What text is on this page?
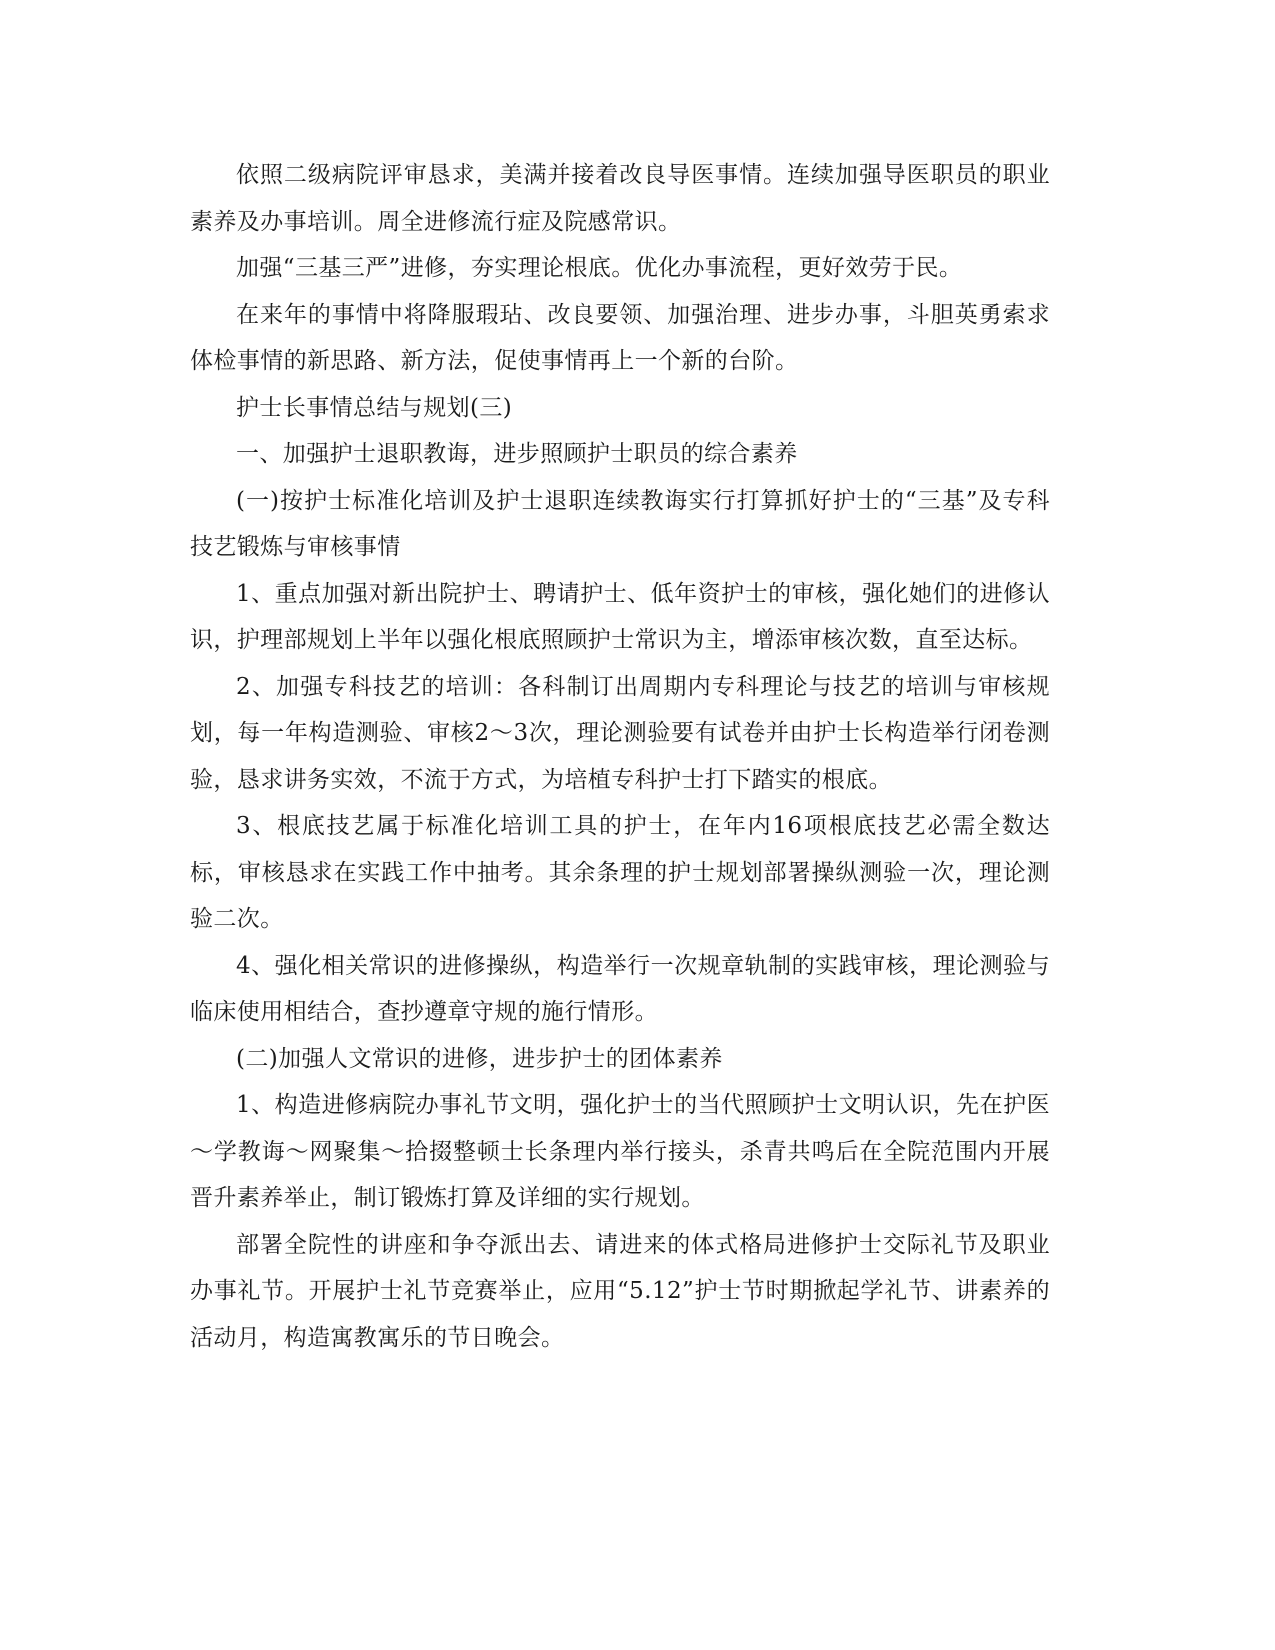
依照二级病院评审恳求，美满并接着改良导医事情。连续加强导医职员的职业素养及办事培训。周全进修流行症及院感常识。

加强“三基三严”进修，夯实理论根底。优化办事流程，更好效劳于民。

在来年的事情中将降服瑕玷、改良要领、加强治理、进步办事，斗胆英勇索求体检事情的新思路、新方法，促使事情再上一个新的台阶。

护士长事情总结与规划(三)

一、加强护士退职教诲，进步照顾护士职员的综合素养

(一)按护士标准化培训及护士退职连续教诲实行打算抓好护士的“三基”及专科技艺锻炼与审核事情

1、重点加强对新出院护士、聘请护士、低年资护士的审核，强化她们的进修认识，护理部规划上半年以强化根底照顾护士常识为主，增添审核次数，直至达标。

2、加强专科技艺的培训：各科制订出周期内专科理论与技艺的培训与审核规划，每一年构造测验、审核2～3次，理论测验要有试卷并由护士长构造举行闭卷测验，恳求讲务实效，不流于方式，为培植专科护士打下踏实的根底。

3、根底技艺属于标准化培训工具的护士，在年内16项根底技艺必需全数达标，审核恳求在实践工作中抽考。其余条理的护士规划部署操纵测验一次，理论测验二次。

4、强化相关常识的进修操纵，构造举行一次规章轨制的实践审核，理论测验与临床使用相结合，查抄遵章守规的施行情形。

(二)加强人文常识的进修，进步护士的团体素养

1、构造进修病院办事礼节文明，强化护士的当代照顾护士文明认识，先在护医～学教诲～网聚集～拾掇整顿士长条理内举行接头，杀青共鸣后在全院范围内开展晋升素养举止，制订锻炼打算及详细的实行规划。

部署全院性的讲座和争夺派出去、请进来的体式格局进修护士交际礼节及职业办事礼节。开展护士礼节竞赛举止，应用“5.12”护士节时期掀起学礼节、讲素养的活动月，构造寓教寓乐的节日晚会。
